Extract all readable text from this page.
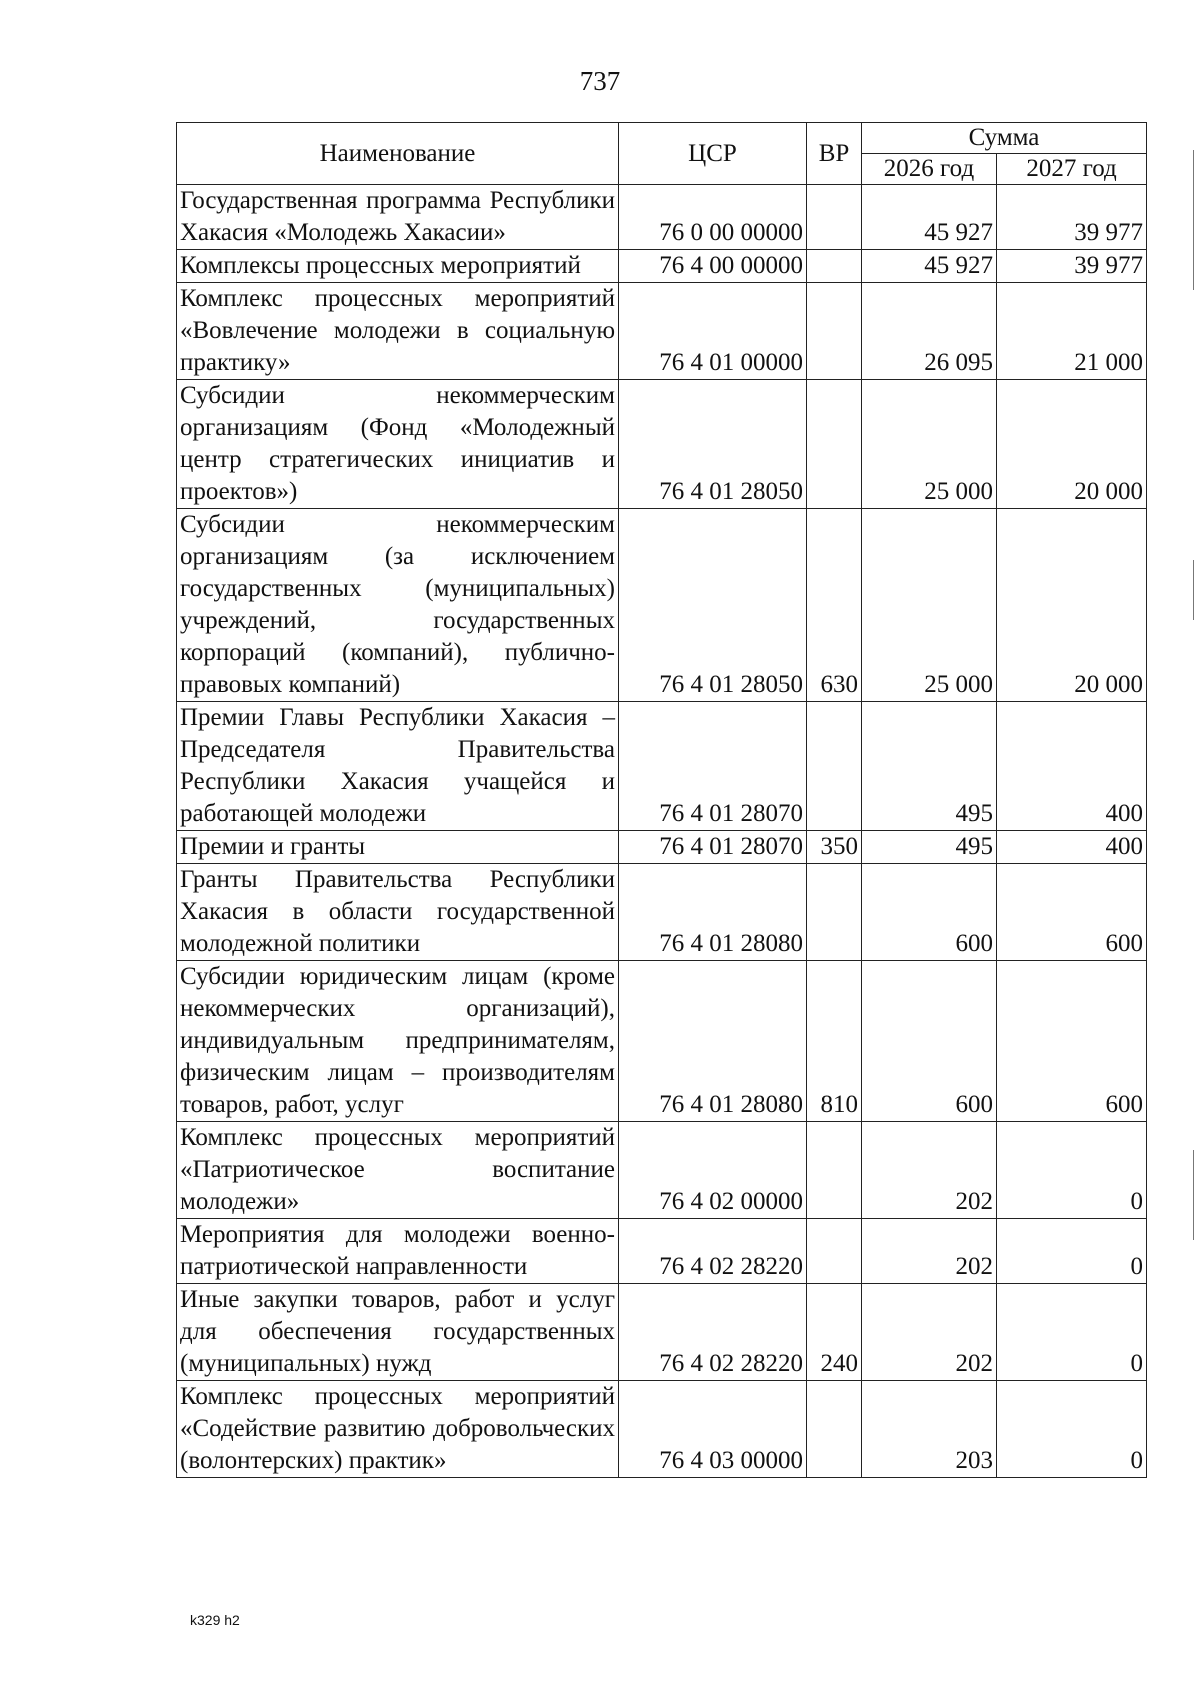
737
Наименование	ЦСР	ВР	Сумма	
			2026 год	2027 год
Государственная программа Республики Хакасия «Молодежь Хакасии»	76 0 00 00000		45 927	39 977
Комплексы процессных мероприятий	76 4 00 00000		45 927	39 977
Комплекс процессных мероприятий «Вовлечение молодежи в социальную практику»	76 4 01 00000		26 095	21 000
Субсидии некоммерческим организациям (Фонд «Молодежный центр стратегических инициатив и проектов»)	76 4 01 28050		25 000	20 000
Субсидии некоммерческим организациям (за исключением государственных (муниципальных) учреждений, государственных корпораций (компаний), публично-правовых компаний)	76 4 01 28050	630	25 000	20 000
Премии Главы Республики Хакасия – Председателя Правительства Республики Хакасия учащейся и работающей молодежи	76 4 01 28070		495	400
Премии и гранты	76 4 01 28070	350	495	400
Гранты Правительства Республики Хакасия в области государственной молодежной политики	76 4 01 28080		600	600
Субсидии юридическим лицам (кроме некоммерческих организаций), индивидуальным предпринимателям, физическим лицам – производителям товаров, работ, услуг	76 4 01 28080	810	600	600
Комплекс процессных мероприятий «Патриотическое воспитание молодежи»	76 4 02 00000		202	0
Мероприятия для молодежи военно-патриотической направленности	76 4 02 28220		202	0
Иные закупки товаров, работ и услуг для обеспечения государственных (муниципальных) нужд	76 4 02 28220	240	202	0
Комплекс процессных мероприятий «Содействие развитию добровольческих (волонтерских) практик»	76 4 03 00000		203	0
k329 h2
